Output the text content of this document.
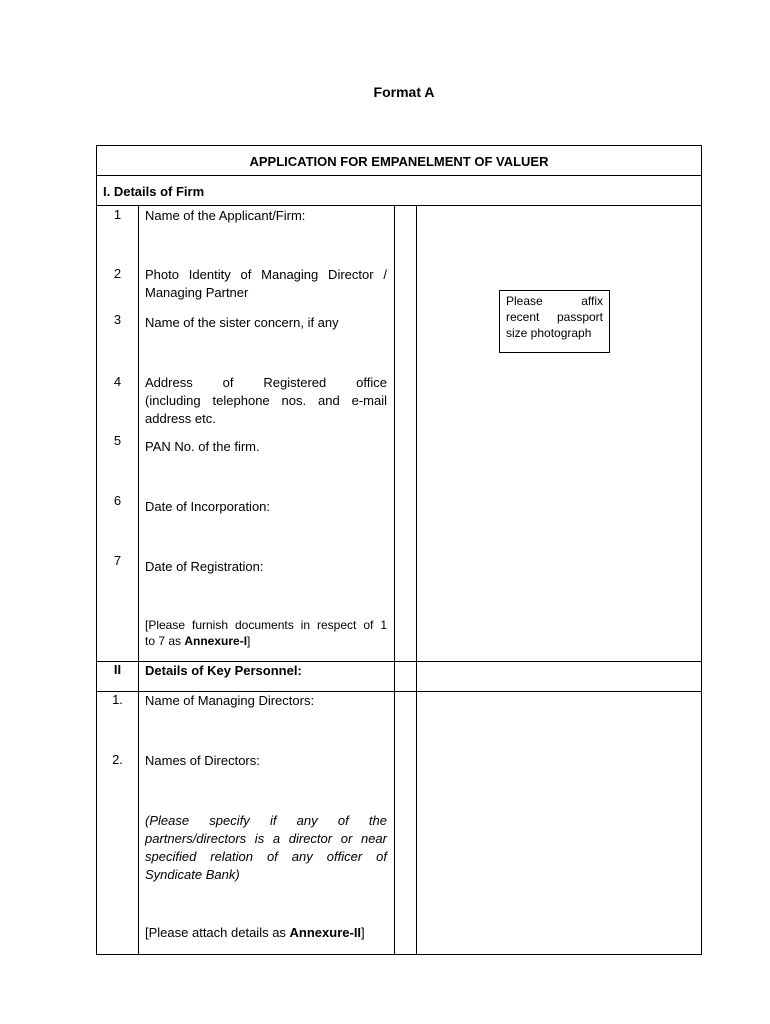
Format A
APPLICATION FOR EMPANELMENT OF VALUER
I. Details of Firm
1	Name of the Applicant/Firm:
2	Photo Identity of Managing Director /
Managing Partner
3	Name of the sister concern, if any
4	Address of Registered office
(including telephone nos. and e-mail
address etc.
5	PAN No. of the firm.
6	Date of Incorporation:
7	Date of Registration:
[Please furnish documents in respect of 1
to 7 as Annexure-I]
II	Details of Key Personnel:
1.	Name of Managing Directors:
2.	Names of Directors:
(Please specify if any of the partners/directors is a director or near specified relation of any officer of Syndicate Bank)
[Please attach details as Annexure-II]
Please	affix
recent passport
size photograph
